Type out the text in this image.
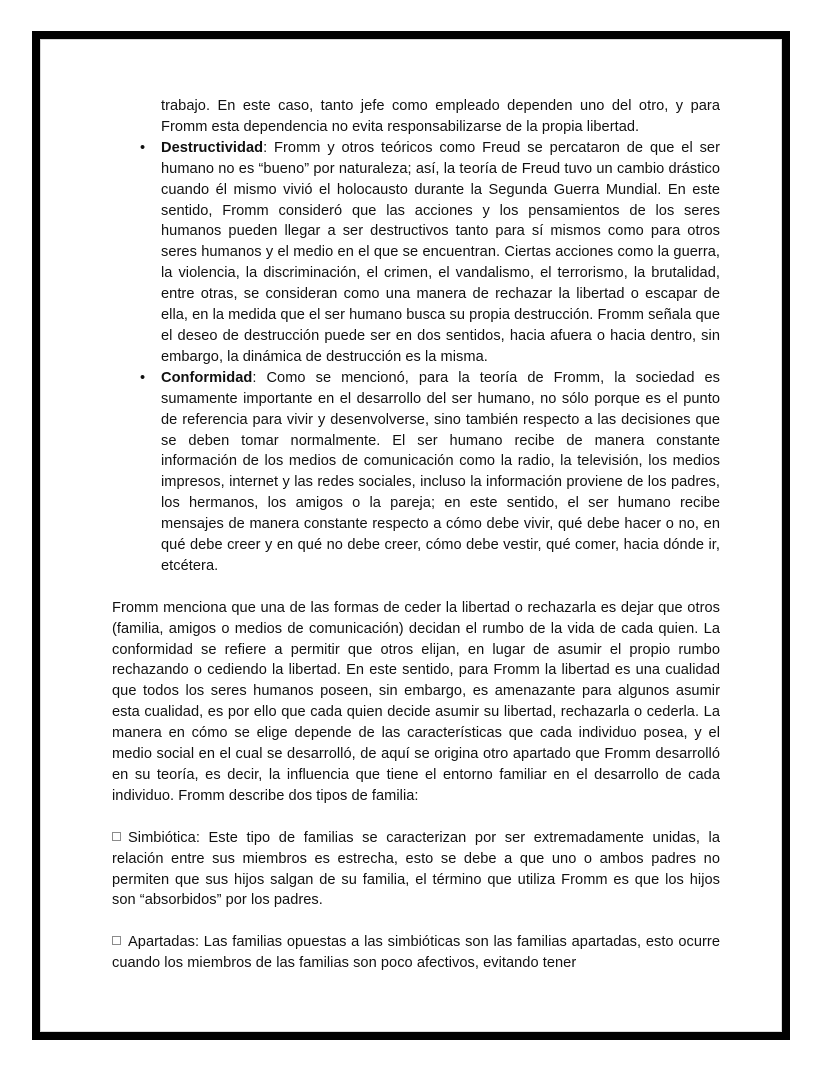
trabajo. En este caso, tanto jefe como empleado dependen uno del otro, y para Fromm esta dependencia no evita responsabilizarse de la propia libertad.

• Destructividad: Fromm y otros teóricos como Freud se percataron de que el ser humano no es “bueno” por naturaleza; así, la teoría de Freud tuvo un cambio drástico cuando él mismo vivió el holocausto durante la Segunda Guerra Mundial. En este sentido, Fromm consideró que las acciones y los pensamientos de los seres humanos pueden llegar a ser destructivos tanto para sí mismos como para otros seres humanos y el medio en el que se encuentran. Ciertas acciones como la guerra, la violencia, la discriminación, el crimen, el vandalismo, el terrorismo, la brutalidad, entre otras, se consideran como una manera de rechazar la libertad o escapar de ella, en la medida que el ser humano busca su propia destrucción. Fromm señala que el deseo de destrucción puede ser en dos sentidos, hacia afuera o hacia dentro, sin embargo, la dinámica de destrucción es la misma.
• Conformidad: Como se mencionó, para la teoría de Fromm, la sociedad es sumamente importante en el desarrollo del ser humano, no sólo porque es el punto de referencia para vivir y desenvolverse, sino también respecto a las decisiones que se deben tomar normalmente. El ser humano recibe de manera constante información de los medios de comunicación como la radio, la televisión, los medios impresos, internet y las redes sociales, incluso la información proviene de los padres, los hermanos, los amigos o la pareja; en este sentido, el ser humano recibe mensajes de manera constante respecto a cómo debe vivir, qué debe hacer o no, en qué debe creer y en qué no debe creer, cómo debe vestir, qué comer, hacia dónde ir, etcétera.

Fromm menciona que una de las formas de ceder la libertad o rechazarla es dejar que otros (familia, amigos o medios de comunicación) decidan el rumbo de la vida de cada quien. La conformidad se refiere a permitir que otros elijan, en lugar de asumir el propio rumbo rechazando o cediendo la libertad. En este sentido, para Fromm la libertad es una cualidad que todos los seres humanos poseen, sin embargo, es amenazante para algunos asumir esta cualidad, es por ello que cada quien decide asumir su libertad, rechazarla o cederla. La manera en cómo se elige depende de las características que cada individuo posea, y el medio social en el cual se desarrolló, de aquí se origina otro apartado que Fromm desarrolló en su teoría, es decir, la influencia que tiene el entorno familiar en el desarrollo de cada individuo. Fromm describe dos tipos de familia:

Simbiótica: Este tipo de familias se caracterizan por ser extremadamente unidas, la relación entre sus miembros es estrecha, esto se debe a que uno o ambos padres no permiten que sus hijos salgan de su familia, el término que utiliza Fromm es que los hijos son “absorbidos” por los padres.

Apartadas: Las familias opuestas a las simbióticas son las familias apartadas, esto ocurre cuando los miembros de las familias son poco afectivos, evitando tener
